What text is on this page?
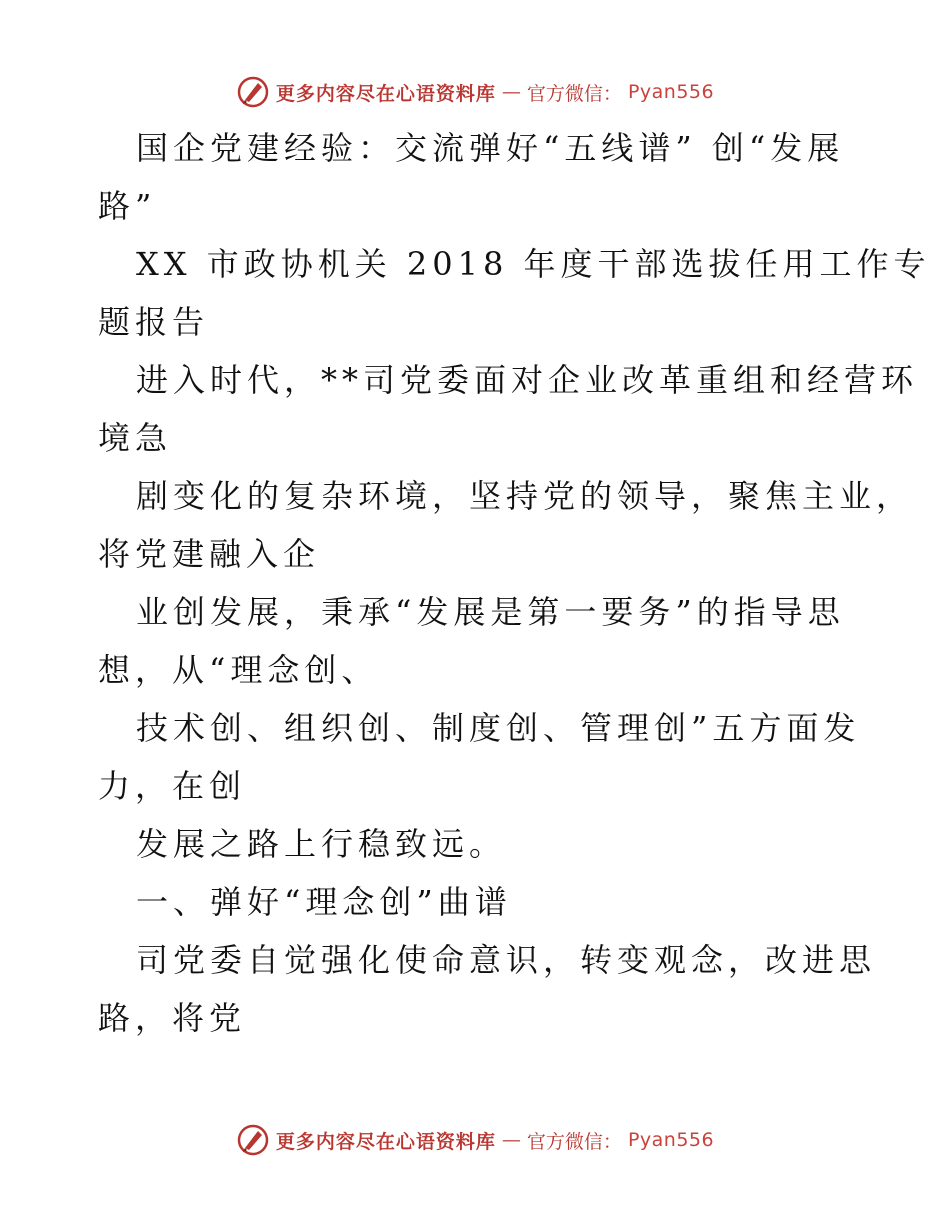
更多内容尽在心语资料库 — 官方微信： Pyan556
国企党建经验：交流弹好“五线谱” 创“发展
路”
XX 市政协机关 2018 年度干部选拔任用工作专
题报告
进入时代，**司党委面对企业改革重组和经营环
境急
剧变化的复杂环境，坚持党的领导，聚焦主业，
将党建融入企
业创发展，秉承“发展是第一要务”的指导思
想，从“理念创、
技术创、组织创、制度创、管理创”五方面发
力，在创
发展之路上行稳致远。
一、弹好“理念创”曲谱
司党委自觉强化使命意识，转变观念，改进思
路，将党
更多内容尽在心语资料库 — 官方微信： Pyan556
